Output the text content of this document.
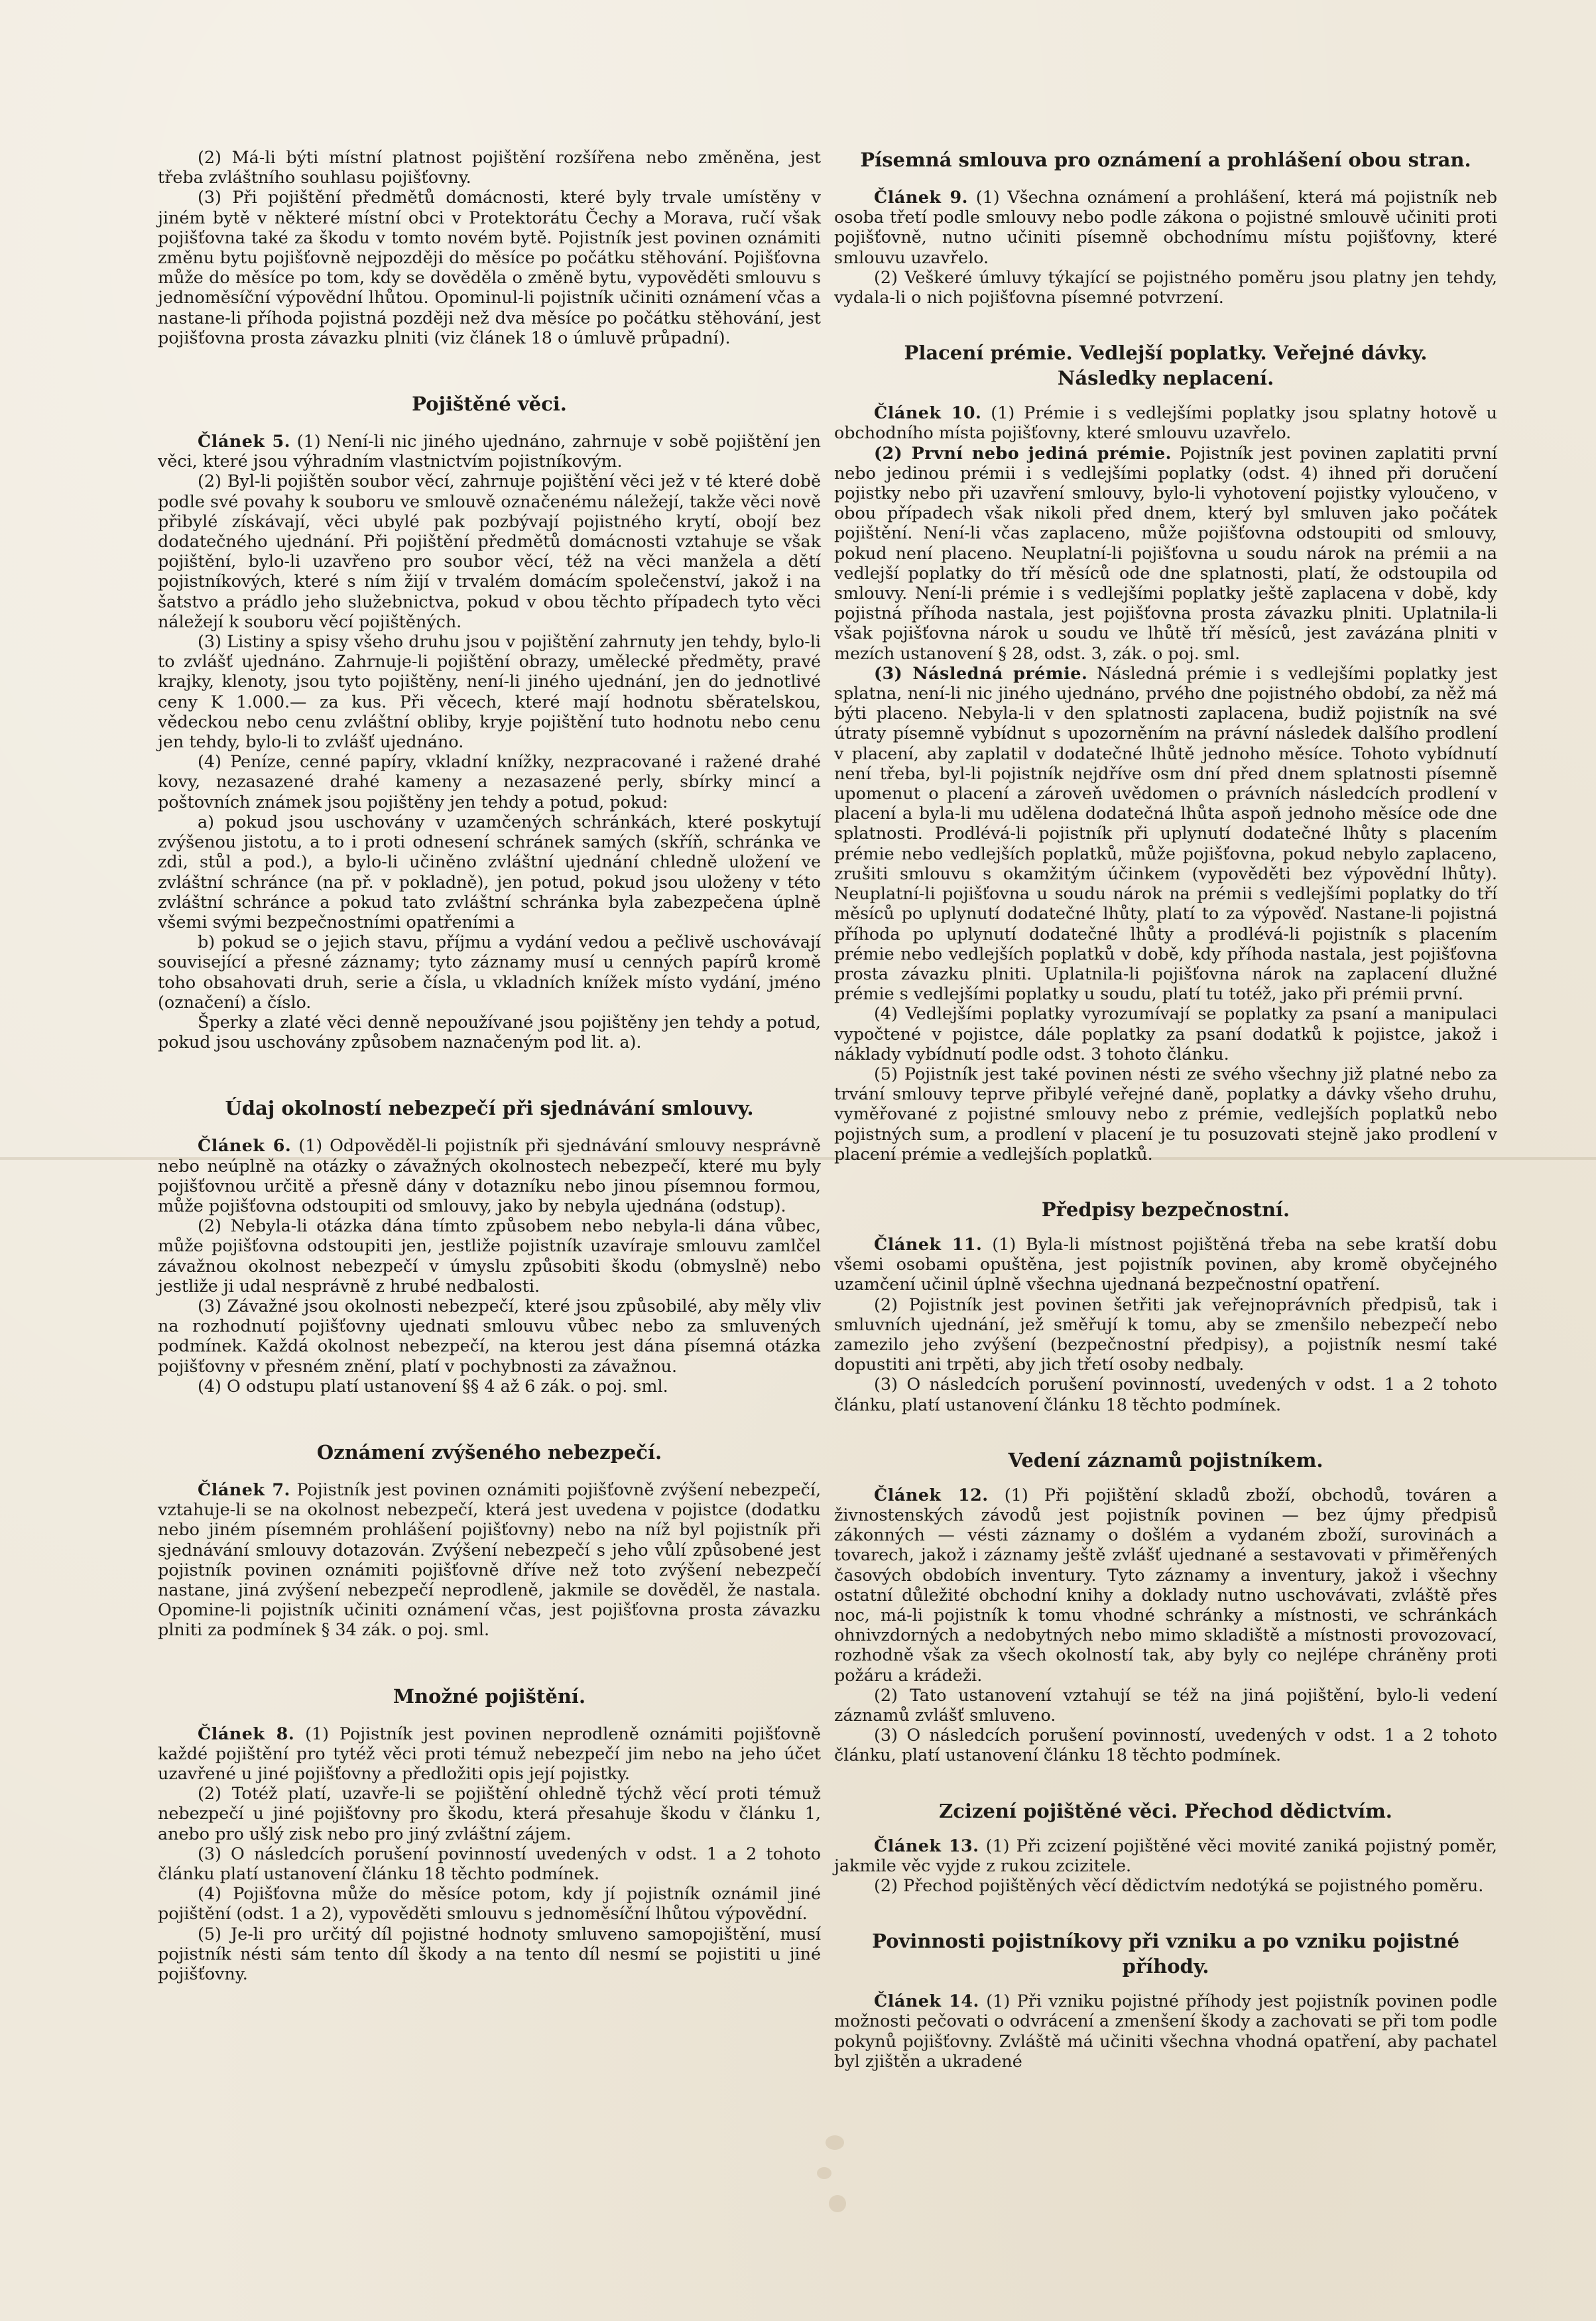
(2) Má-li býti místní platnost pojištění rozšířena nebo změněna, jest třeba zvláštního souhlasu pojišťovny.

(3) Při pojištění předmětů domácnosti, které byly trvale umístěny v jiném bytě v některé místní obci v Protektorátu Čechy a Morava, ručí však pojišťovna také za škodu v tomto novém bytě. Pojistník jest povinen oznámiti změnu bytu pojišťovně nejpozději do měsíce po počátku stěhování. Pojišťovna může do měsíce po tom, kdy se dověděla o změně bytu, vypověděti smlouvu s jednoměsíční výpovědní lhůtou. Opominul-li pojistník učiniti oznámení včas a nastane-li příhoda pojistná později než dva měsíce po počátku stěhování, jest pojišťovna prosta závazku plniti (viz článek 18 o úmluvě průpadní).

Pojištěné věci.

Článek 5. (1) Není-li nic jiného ujednáno, zahrnuje v sobě pojištění jen věci, které jsou výhradním vlastnictvím pojistníkovým.

(2) Byl-li pojištěn soubor věcí, zahrnuje pojištění věci jež v té které době podle své povahy k souboru ve smlouvě označenému náležejí, takže věci nově přibylé získávají, věci ubylé pak pozbývají pojistného krytí, obojí bez dodatečného ujednání. Při pojištění předmětů domácnosti vztahuje se však pojištění, bylo-li uzavřeno pro soubor věcí, též na věci manžela a dětí pojistníkových, které s ním žijí v trvalém domácím společenství, jakož i na šatstvo a prádlo jeho služebnictva, pokud v obou těchto případech tyto věci náležejí k souboru věcí pojištěných.

(3) Listiny a spisy všeho druhu jsou v pojištění zahrnuty jen tehdy, bylo-li to zvlášť ujednáno. Zahrnuje-li pojištění obrazy, umělecké předměty, pravé krajky, klenoty, jsou tyto pojištěny, není-li jiného ujednání, jen do jednotlivé ceny K 1.000.— za kus. Při věcech, které mají hodnotu sběratelskou, vědeckou nebo cenu zvláštní obliby, kryje pojištění tuto hodnotu nebo cenu jen tehdy, bylo-li to zvlášť ujednáno.

(4) Peníze, cenné papíry, vkladní knížky, nezpracované i ražené drahé kovy, nezasazené drahé kameny a nezasazené perly, sbírky mincí a poštovních známek jsou pojištěny jen tehdy a potud, pokud:

a) pokud jsou uschovány v uzamčených schránkách, které poskytují zvýšenou jistotu, a to i proti odnesení schránek samých (skříň, schránka ve zdi, stůl a pod.), a bylo-li učiněno zvláštní ujednání chledně uložení ve zvláštní schránce (na př. v pokladně), jen potud, pokud jsou uloženy v této zvláštní schránce a pokud tato zvláštní schránka byla zabezpečena úplně všemi svými bezpečnostními opatřeními a

b) pokud se o jejich stavu, příjmu a vydání vedou a pečlivě uschovávají související a přesné záznamy; tyto záznamy musí u cenných papírů kromě toho obsahovati druh, serie a čísla, u vkladních knížek místo vydání, jméno (označení) a číslo.

Šperky a zlaté věci denně nepoužívané jsou pojištěny jen tehdy a potud, pokud jsou uschovány způsobem naznačeným pod lit. a).

Údaj okolností nebezpečí při sjednávání smlouvy.

Článek 6. (1) Odpověděl-li pojistník při sjednávání smlouvy nesprávně nebo neúplně na otázky o závažných okolnostech nebezpečí, které mu byly pojišťovnou určitě a přesně dány v dotazníku nebo jinou písemnou formou, může pojišťovna odstoupiti od smlouvy, jako by nebyla ujednána (odstup).

(2) Nebyla-li otázka dána tímto způsobem nebo nebyla-li dána vůbec, může pojišťovna odstoupiti jen, jestliže pojistník uzavíraje smlouvu zamlčel závažnou okolnost nebezpečí v úmyslu způsobiti škodu (obmyslně) nebo jestliže ji udal nesprávně z hrubé nedbalosti.

(3) Závažné jsou okolnosti nebezpečí, které jsou způsobilé, aby měly vliv na rozhodnutí pojišťovny ujednati smlouvu vůbec nebo za smluvených podmínek. Každá okolnost nebezpečí, na kterou jest dána písemná otázka pojišťovny v přesném znění, platí v pochybnosti za závažnou.

(4) O odstupu platí ustanovení §§ 4 až 6 zák. o poj. sml.

Oznámení zvýšeného nebezpečí.

Článek 7. Pojistník jest povinen oznámiti pojišťovně zvýšení nebezpečí, vztahuje-li se na okolnost nebezpečí, která jest uvedena v pojistce (dodatku nebo jiném písemném prohlášení pojišťovny) nebo na níž byl pojistník při sjednávání smlouvy dotazován. Zvýšení nebezpečí s jeho vůlí způsobené jest pojistník povinen oznámiti pojišťovně dříve než toto zvýšení nebezpečí nastane, jiná zvýšení nebezpečí neprodleně, jakmile se dověděl, že nastala. Opomine-li pojistník učiniti oznámení včas, jest pojišťovna prosta závazku plniti za podmínek § 34 zák. o poj. sml.

Množné pojištění.

Článek 8. (1) Pojistník jest povinen neprodleně oznámiti pojišťovně každé pojištění pro tytéž věci proti témuž nebezpečí jim nebo na jeho účet uzavřené u jiné pojišťovny a předložiti opis její pojistky.

(2) Totéž platí, uzavře-li se pojištění ohledně týchž věcí proti témuž nebezpečí u jiné pojišťovny pro škodu, která přesahuje škodu v článku 1, anebo pro ušlý zisk nebo pro jiný zvláštní zájem.

(3) O následcích porušení povinností uvedených v odst. 1 a 2 tohoto článku platí ustanovení článku 18 těchto podmínek.

(4) Pojišťovna může do měsíce potom, kdy jí pojistník oznámil jiné pojištění (odst. 1 a 2), vypověděti smlouvu s jednoměsíční lhůtou výpovědní.

(5) Je-li pro určitý díl pojistné hodnoty smluveno samopojištění, musí pojistník nésti sám tento díl škody a na tento díl nesmí se pojistiti u jiné pojišťovny.

Písemná smlouva pro oznámení a prohlášení obou stran.

Článek 9. (1) Všechna oznámení a prohlášení, která má pojistník neb osoba třetí podle smlouvy nebo podle zákona o pojistné smlouvě učiniti proti pojišťovně, nutno učiniti písemně obchodnímu místu pojišťovny, které smlouvu uzavřelo.

(2) Veškeré úmluvy týkající se pojistného poměru jsou platny jen tehdy, vydala-li o nich pojišťovna písemné potvrzení.

Placení prémie. Vedlejší poplatky. Veřejné dávky.
Následky neplacení.

Článek 10. (1) Prémie i s vedlejšími poplatky jsou splatny hotově u obchodního místa pojišťovny, které smlouvu uzavřelo.

(2) První nebo jediná prémie. Pojistník jest povinen zaplatiti první nebo jedinou prémii i s vedlejšími poplatky (odst. 4) ihned při doručení pojistky nebo při uzavření smlouvy, bylo-li vyhotovení pojistky vyloučeno, v obou případech však nikoli před dnem, který byl smluven jako počátek pojištění. Není-li včas zaplaceno, může pojišťovna odstoupiti od smlouvy, pokud není placeno. Neuplatní-li pojišťovna u soudu nárok na prémii a na vedlejší poplatky do tří měsíců ode dne splatnosti, platí, že odstoupila od smlouvy. Není-li prémie i s vedlejšími poplatky ještě zaplacena v době, kdy pojistná příhoda nastala, jest pojišťovna prosta závazku plniti. Uplatnila-li však pojišťovna nárok u soudu ve lhůtě tří měsíců, jest zavázána plniti v mezích ustanovení § 28, odst. 3, zák. o poj. sml.

(3) Následná prémie. Následná prémie i s vedlejšími poplatky jest splatna, není-li nic jiného ujednáno, prvého dne pojistného období, za něž má býti placeno. Nebyla-li v den splatnosti zaplacena, budiž pojistník na své útraty písemně vybídnut s upozorněním na právní následek dalšího prodlení v placení, aby zaplatil v dodatečné lhůtě jednoho měsíce. Tohoto vybídnutí není třeba, byl-li pojistník nejdříve osm dní před dnem splatnosti písemně upomenut o placení a zároveň uvědomen o právních následcích prodlení v placení a byla-li mu udělena dodatečná lhůta aspoň jednoho měsíce ode dne splatnosti. Prodlévá-li pojistník při uplynutí dodatečné lhůty s placením prémie nebo vedlejších poplatků, může pojišťovna, pokud nebylo zaplaceno, zrušiti smlouvu s okamžitým účinkem (vypověděti bez výpovědní lhůty). Neuplatní-li pojišťovna u soudu nárok na prémii s vedlejšími poplatky do tří měsíců po uplynutí dodatečné lhůty, platí to za výpověď. Nastane-li pojistná příhoda po uplynutí dodatečné lhůty a prodlévá-li pojistník s placením prémie nebo vedlejších poplatků v době, kdy příhoda nastala, jest pojišťovna prosta závazku plniti. Uplatnila-li pojišťovna nárok na zaplacení dlužné prémie s vedlejšími poplatky u soudu, platí tu totéž, jako při prémii první.

(4) Vedlejšími poplatky vyrozumívají se poplatky za psaní a manipulaci vypočtené v pojistce, dále poplatky za psaní dodatků k pojistce, jakož i náklady vybídnutí podle odst. 3 tohoto článku.

(5) Pojistník jest také povinen nésti ze svého všechny již platné nebo za trvání smlouvy teprve přibylé veřejné daně, poplatky a dávky všeho druhu, vyměřované z pojistné smlouvy nebo z prémie, vedlejších poplatků nebo pojistných sum, a prodlení v placení je tu posuzovati stejně jako prodlení v placení prémie a vedlejších poplatků.

Předpisy bezpečnostní.

Článek 11. (1) Byla-li místnost pojištěná třeba na sebe kratší dobu všemi osobami opuštěna, jest pojistník povinen, aby kromě obyčejného uzamčení učinil úplně všechna ujednaná bezpečnostní opatření.

(2) Pojistník jest povinen šetřiti jak veřejnoprávních předpisů, tak i smluvních ujednání, jež směřují k tomu, aby se zmenšilo nebezpečí nebo zamezilo jeho zvýšení (bezpečnostní předpisy), a pojistník nesmí také dopustiti ani trpěti, aby jich třetí osoby nedbaly.

(3) O následcích porušení povinností, uvedených v odst. 1 a 2 tohoto článku, platí ustanovení článku 18 těchto podmínek.

Vedení záznamů pojistníkem.

Článek 12. (1) Při pojištění skladů zboží, obchodů, továren a živnostenských závodů jest pojistník povinen — bez újmy předpisů zákonných — vésti záznamy o došlém a vydaném zboží, surovinách a tovarech, jakož i záznamy ještě zvlášť ujednané a sestavovati v přiměřených časových obdobích inventury. Tyto záznamy a inventury, jakož i všechny ostatní důležité obchodní knihy a doklady nutno uschovávati, zvláště přes noc, má-li pojistník k tomu vhodné schránky a místnosti, ve schránkách ohnivzdorných a nedobytných nebo mimo skladiště a místnosti provozovací, rozhodně však za všech okolností tak, aby byly co nejlépe chráněny proti požáru a krádeži.

(2) Tato ustanovení vztahují se též na jiná pojištění, bylo-li vedení záznamů zvlášť smluveno.

(3) O následcích porušení povinností, uvedených v odst. 1 a 2 tohoto článku, platí ustanovení článku 18 těchto podmínek.

Zcizení pojištěné věci. Přechod dědictvím.

Článek 13. (1) Při zcizení pojištěné věci movité zaniká pojistný poměr, jakmile věc vyjde z rukou zcizitele.

(2) Přechod pojištěných věcí dědictvím nedotýká se pojistného poměru.

Povinnosti pojistníkovy při vzniku a po vzniku pojistné
příhody.

Článek 14. (1) Při vzniku pojistné příhody jest pojistník povinen podle možnosti pečovati o odvrácení a zmenšení škody a zachovati se při tom podle pokynů pojišťovny. Zvláště má učiniti všechna vhodná opatření, aby pachatel byl zjištěn a ukradené
